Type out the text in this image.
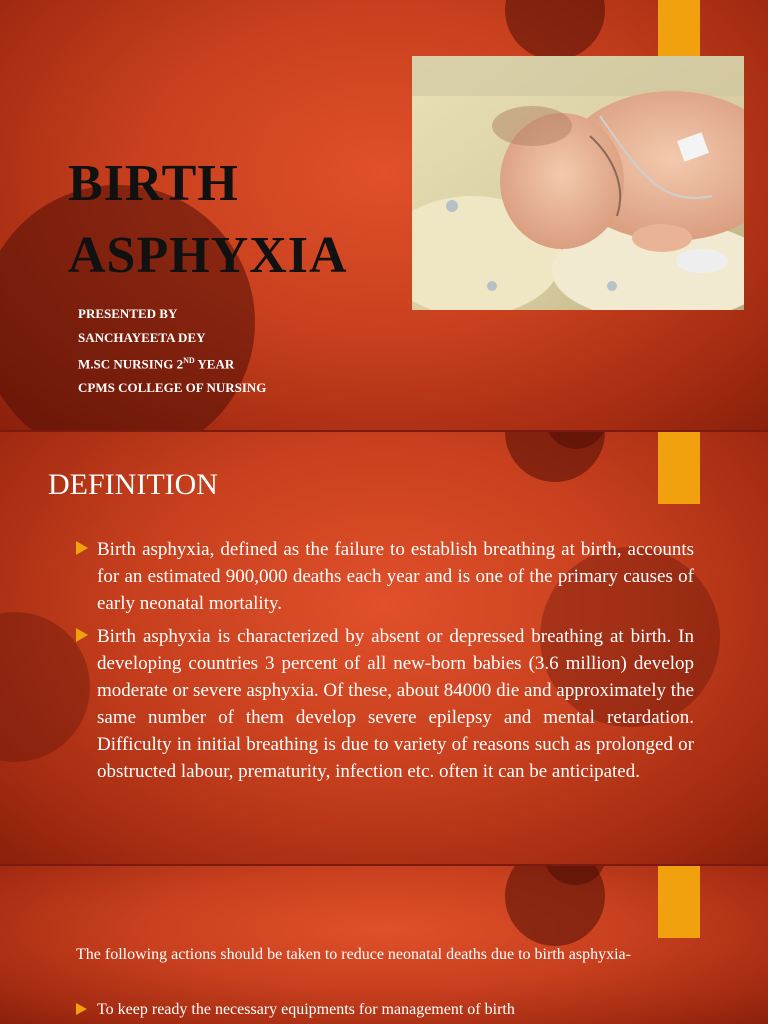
BIRTH
ASPHYXIA
PRESENTED BY
SANCHAYEETA DEY
M.SC NURSING 2ND YEAR
CPMS COLLEGE OF NURSING
DEFINITION
Birth asphyxia, defined as the failure to establish breathing at birth, accounts for an estimated 900,000 deaths each year and is one of the primary causes of early neonatal mortality.
Birth asphyxia is characterized by absent or depressed breathing at birth. In developing countries 3 percent of all new-born babies (3.6 million) develop moderate or severe asphyxia. Of these, about 84000 die and approximately the same number of them develop severe epilepsy and mental retardation. Difficulty in initial breathing is due to variety of reasons such as prolonged or obstructed labour, prematurity, infection etc. often it can be anticipated.
The following actions should be taken to reduce neonatal deaths due to birth asphyxia-
To keep ready the necessary equipments for management of birth
